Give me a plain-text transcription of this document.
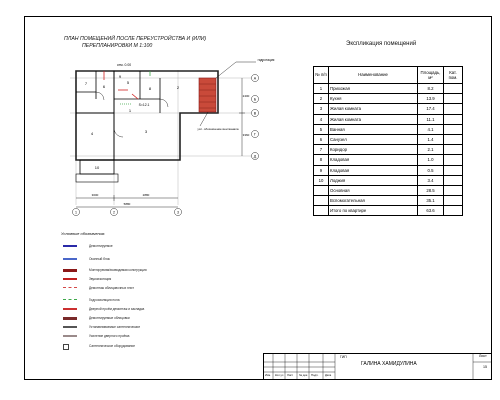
ПЛАН ПОМЕЩЕНИЙ ПОСЛЕ ПЕРЕУСТРОЙСТВА И (ИЛИ)
ПЕРЕПЛАНИРОВКИ М 1:100
7
6
5
2
4	3
1
8
9
10
S=12.1
отм. 0.00
А
Б
В
Г
Д
1	2	3
3000	2880
5880
2400
3360
гидротация
усл. обозначение вентканала
Экспликация помещений
№ п/п	Наименование	Площадь, м²	Кат. пом.
1	Прихожая	8.2	
2	Кухня	13.9	
3	Жилая комната	17.4	
4	Жилая комната	11.1	
5	Ванная	4.1	
6	Санузел	1.4	
7	Коридор	2.1	
8	Кладовая	1.0	
9	Кладовая	0.5	
10	Лоджия	3.4	
	Основная	28.5	
	Вспомогательная	35.1	
	Итого по квартире	63.6	
Условные обозначения:
Демонтируемое
Оконный блок
Монтируемая/возводимая конструкция
Звукоизоляция
Демонтаж облицовочных плит
Гидроизоляция пола
Дверной проём демонтаж и закладка
Демонтируемые облицовки
Устанавливаемые сантехнические
Усиление дверного проёма
Сантехническое оборудование
Изм. Кол.уч Лист № док. Подп. Дата
ГАЛИНА ХАМИДУЛИНА
ГИП	Лист
15
